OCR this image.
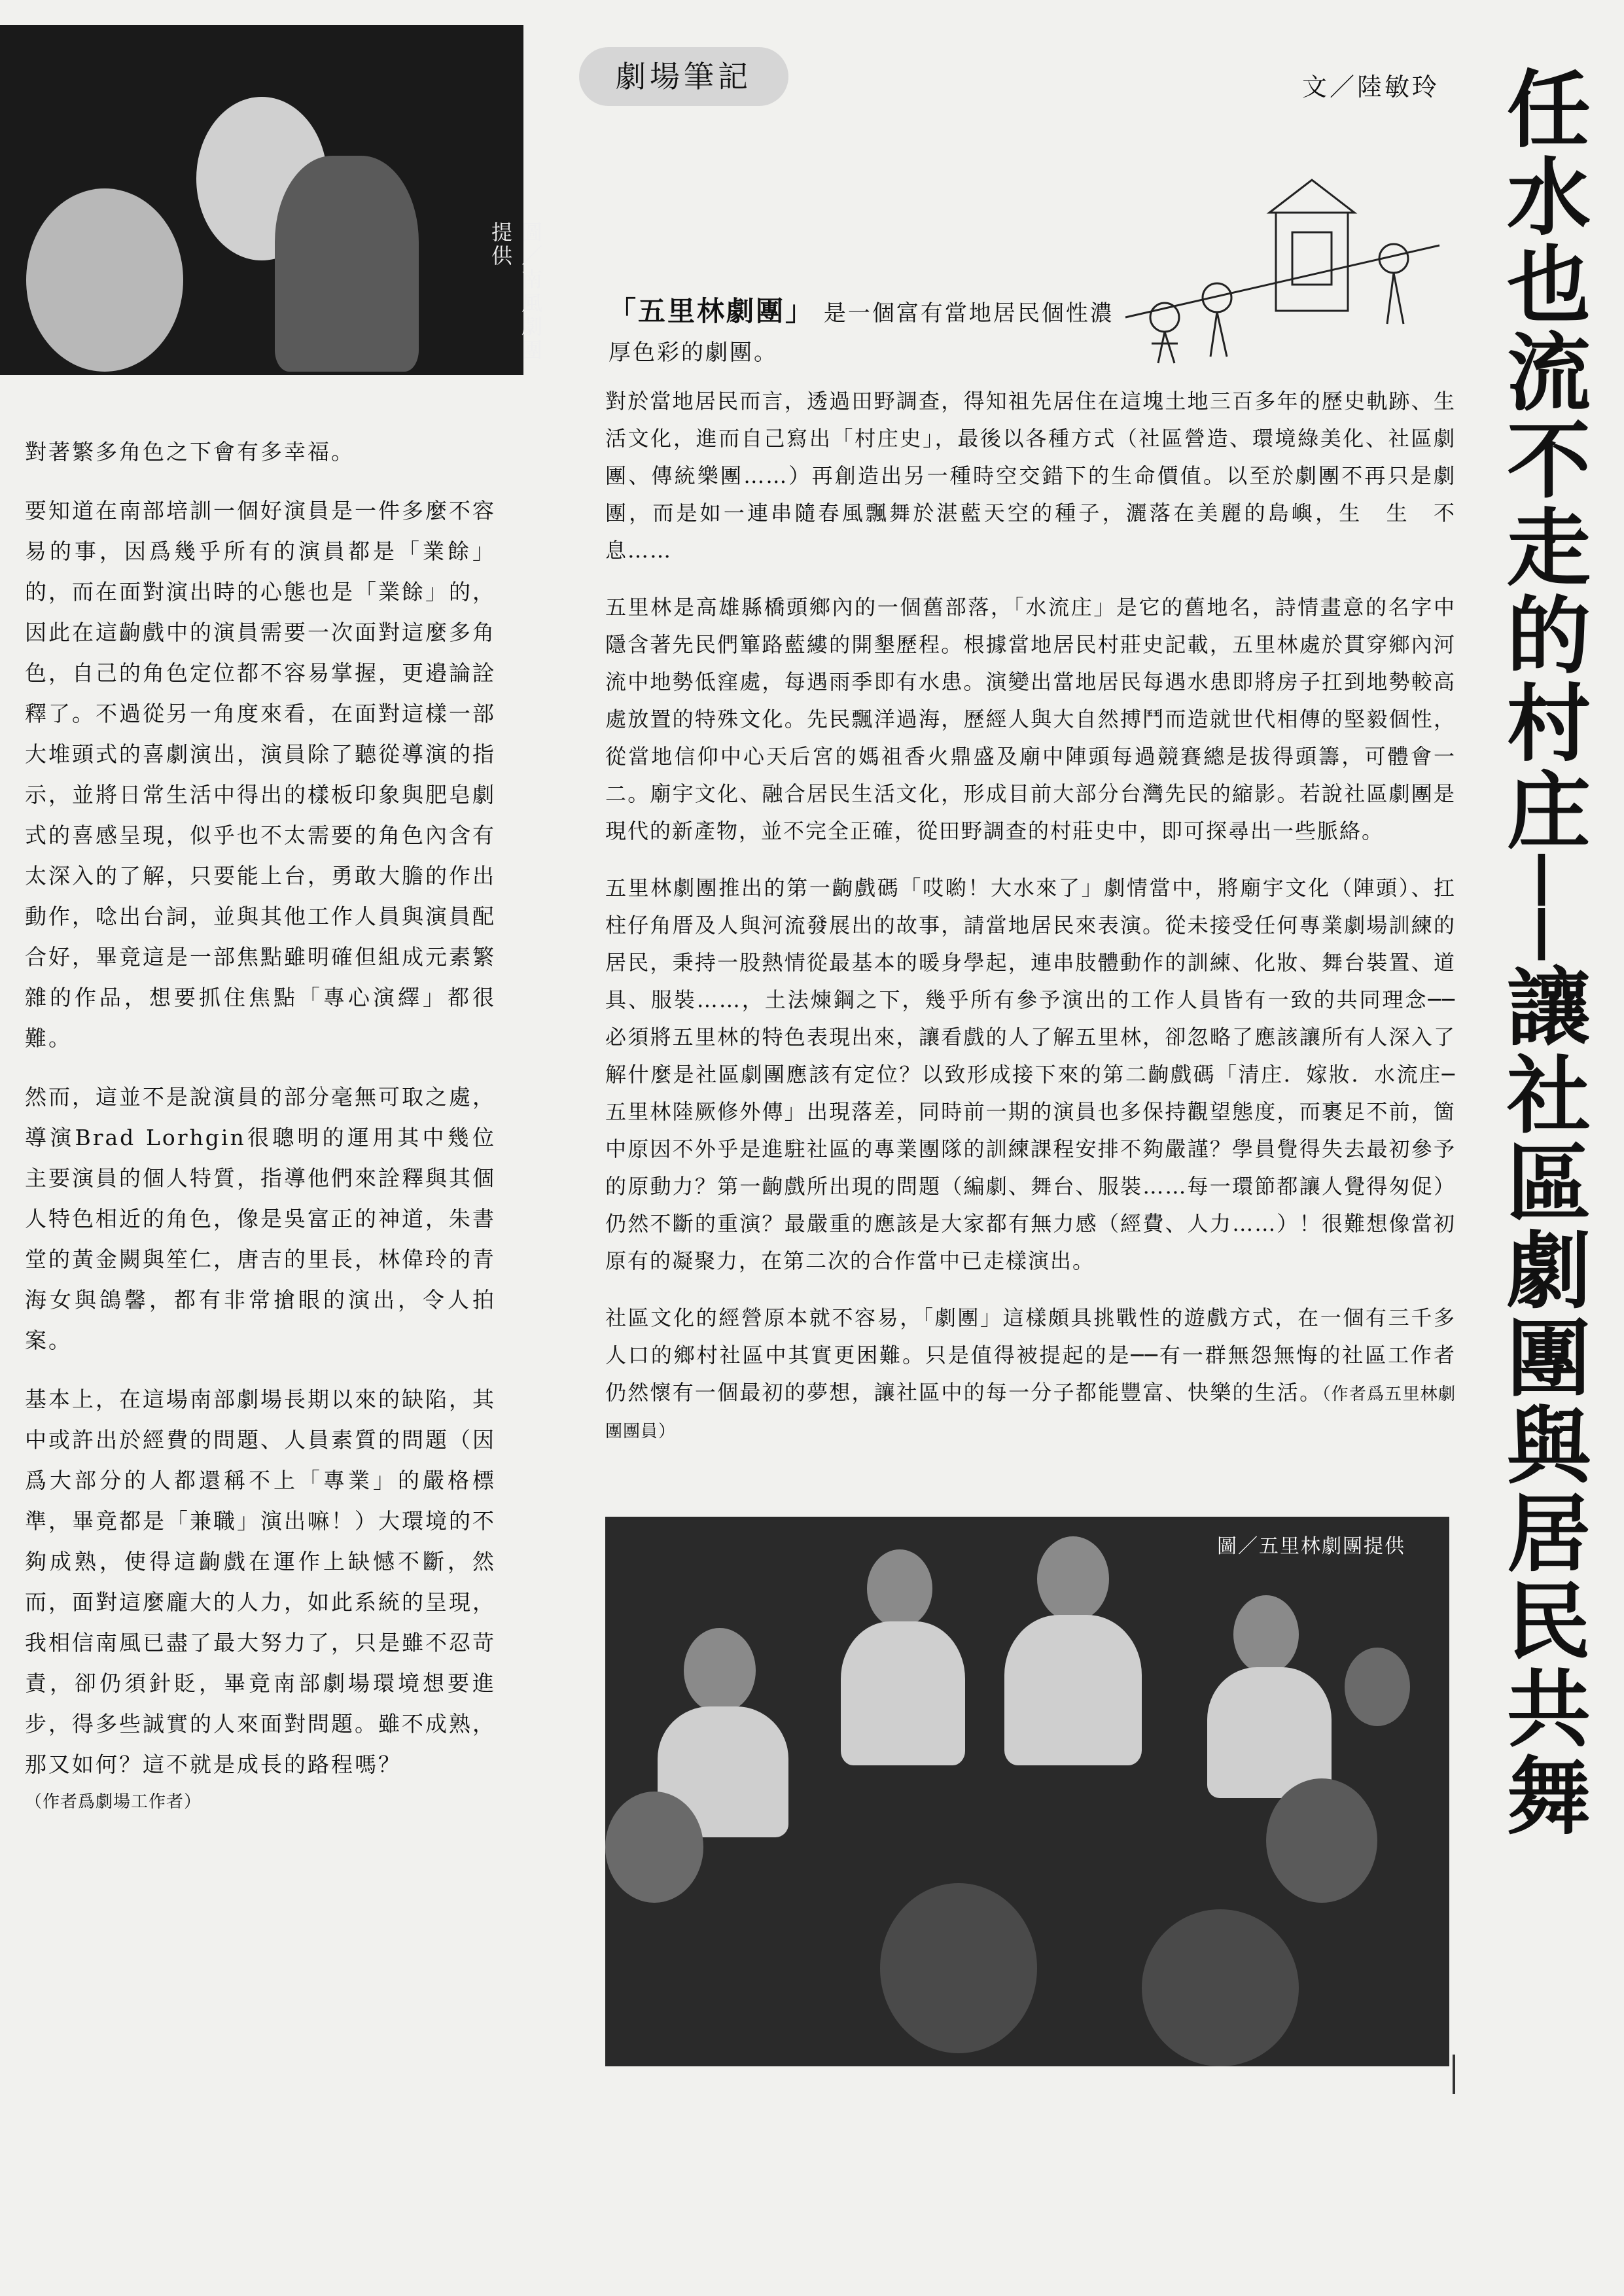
圖／南風劇團提供

對著繁多角色之下會有多幸福。

要知道在南部培訓一個好演員是一件多麼不容易的事，因爲幾乎所有的演員都是「業餘」的，而在面對演出時的心態也是「業餘」的，因此在這齣戲中的演員需要一次面對這麼多角色，自己的角色定位都不容易掌握，更邉論詮釋了。不過從另一角度來看，在面對這樣一部大堆頭式的喜劇演出，演員除了聽從導演的指示，並將日常生活中得出的樣板印象與肥皂劇式的喜感呈現，似乎也不太需要的角色內含有太深入的了解，只要能上台，勇敢大膽的作出動作，唸出台詞，並與其他工作人員與演員配合好，畢竟這是一部焦點雖明確但組成元素繁雜的作品，想要抓住焦點「專心演繹」都很難。

然而，這並不是說演員的部分毫無可取之處，導演Brad Lorhgin很聰明的運用其中幾位主要演員的個人特質，指導他們來詮釋與其個人特色相近的角色，像是吳富正的神道，朱書堂的黃金闕與笙仁，唐吉的里長，林偉玲的青海女與鴿馨，都有非常搶眼的演出，令人拍案。

基本上，在這場南部劇場長期以來的缺陷，其中或許出於經費的問題、人員素質的問題（因爲大部分的人都還稱不上「專業」的嚴格標準，畢竟都是「兼職」演出嘛！）大環境的不夠成熟，使得這齣戲在運作上缺憾不斷，然而，面對這麼龐大的人力，如此系統的呈現，我相信南風已盡了最大努力了，只是雖不忍苛責，卻仍須針貶，畢竟南部劇場環境想要進步，得多些誠實的人來面對問題。雖不成熟，那又如何？這不就是成長的路程嗎？

（作者爲劇場工作者）
劇場筆記	文／陸敏玲 任水也流不走的村庄──讓社區劇團與居民共舞
「五里林劇團」 是一個富有當地居民個性濃厚色彩的劇團。

對於當地居民而言，透過田野調查，得知祖先居住在這塊土地三百多年的歷史軌跡、生活文化，進而自己寫出「村庄史」，最後以各種方式（社區營造、環境綠美化、社區劇團、傳統樂團……）再創造出另一種時空交錯下的生命價值。以至於劇團不再只是劇團，而是如一連串隨春風飄舞於湛藍天空的種子，灑落在美麗的島嶼，生　生　不　息……

五里林是高雄縣橋頭鄉內的一個舊部落，「水流庄」是它的舊地名，詩情畫意的名字中隱含著先民們篳路藍縷的開墾歷程。根據當地居民村莊史記載，五里林處於貫穿鄉內河流中地勢低窪處，每遇雨季即有水患。演變出當地居民每遇水患即將房子扛到地勢較高處放置的特殊文化。先民飄洋過海，歷經人與大自然搏鬥而造就世代相傳的堅毅個性，從當地信仰中心天后宮的媽祖香火鼎盛及廟中陣頭每過競賽總是拔得頭籌，可體會一二。廟宇文化、融合居民生活文化，形成目前大部分台灣先民的縮影。若說社區劇團是現代的新產物，並不完全正確，從田野調查的村莊史中，即可探尋出一些脈絡。

五里林劇團推出的第一齣戲碼「哎喲！大水來了」劇情當中，將廟宇文化（陣頭）、扛柱仔角厝及人與河流發展出的故事，請當地居民來表演。從未接受任何專業劇場訓練的居民，秉持一股熱情從最基本的暖身學起，連串肢體動作的訓練、化妝、舞台裝置、道具、服裝……，土法煉鋼之下，幾乎所有參予演出的工作人員皆有一致的共同理念──必須將五里林的特色表現出來，讓看戲的人了解五里林，卻忽略了應該讓所有人深入了解什麼是社區劇團應該有定位？以致形成接下來的第二齣戲碼「清庄．嫁妝．水流庄─五里林陸厥修外傳」出現落差，同時前一期的演員也多保持觀望態度，而裹足不前，箇中原因不外乎是進駐社區的專業團隊的訓練課程安排不夠嚴謹？學員覺得失去最初參予的原動力？第一齣戲所出現的問題（編劇、舞台、服裝……每一環節都讓人覺得匆促）仍然不斷的重演？最嚴重的應該是大家都有無力感（經費、人力……）！很難想像當初原有的凝聚力，在第二次的合作當中已走樣演出。

社區文化的經營原本就不容易，「劇團」這樣頗具挑戰性的遊戲方式，在一個有三千多人口的鄉村社區中其實更困難。只是值得被提起的是──有一群無怨無悔的社區工作者仍然懷有一個最初的夢想，讓社區中的每一分子都能豐富、快樂的生活。（作者爲五里林劇團團員）

圖／五里林劇團提供
